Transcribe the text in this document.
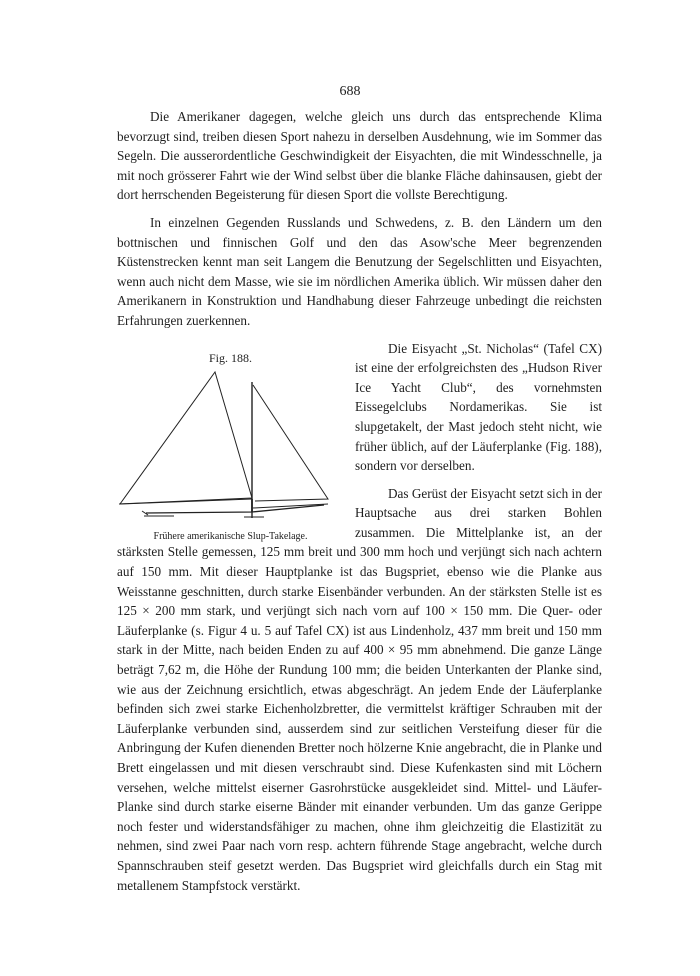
688

Die Amerikaner dagegen, welche gleich uns durch das entsprechende Klima bevorzugt sind, treiben diesen Sport nahezu in derselben Ausdehnung, wie im Sommer das Segeln. Die ausserordentliche Geschwindigkeit der Eisyachten, die mit Windesschnelle, ja mit noch grösserer Fahrt wie der Wind selbst über die blanke Fläche dahinsausen, giebt der dort herrschenden Begeisterung für diesen Sport die vollste Berechtigung.

In einzelnen Gegenden Russlands und Schwedens, z. B. den Ländern um den bottnischen und finnischen Golf und den das Asow'sche Meer begrenzenden Küstenstrecken kennt man seit Langem die Benutzung der Segelschlitten und Eisyachten, wenn auch nicht dem Masse, wie sie im nördlichen Amerika üblich. Wir müssen daher den Amerikanern in Konstruktion und Handhabung dieser Fahrzeuge unbedingt die reichsten Erfahrungen zuerkennen.

Fig. 188.
Frühere amerikanische Slup-Takelage.

Die Eisyacht „St. Nicholas“ (Tafel CX) ist eine der erfolgreichsten des „Hudson River Ice Yacht Club“, des vornehmsten Eissegelclubs Nordamerikas. Sie ist slupgetakelt, der Mast jedoch steht nicht, wie früher üblich, auf der Läuferplanke (Fig. 188), sondern vor derselben.

Das Gerüst der Eisyacht setzt sich in der Hauptsache aus drei starken Bohlen zusammen. Die Mittelplanke ist, an der stärksten Stelle gemessen, 125 mm breit und 300 mm hoch und verjüngt sich nach achtern auf 150 mm. Mit dieser Hauptplanke ist das Bugspriet, ebenso wie die Planke aus Weisstanne geschnitten, durch starke Eisenbänder verbunden. An der stärksten Stelle ist es 125 × 200 mm stark, und verjüngt sich nach vorn auf 100 × 150 mm. Die Quer- oder Läuferplanke (s. Figur 4 u. 5 auf Tafel CX) ist aus Lindenholz, 437 mm breit und 150 mm stark in der Mitte, nach beiden Enden zu auf 400 × 95 mm abnehmend. Die ganze Länge beträgt 7,62 m, die Höhe der Rundung 100 mm; die beiden Unterkanten der Planke sind, wie aus der Zeichnung ersichtlich, etwas abgeschrägt. An jedem Ende der Läuferplanke befinden sich zwei starke Eichenholzbretter, die vermittelst kräftiger Schrauben mit der Läuferplanke verbunden sind, ausserdem sind zur seitlichen Versteifung dieser für die Anbringung der Kufen dienenden Bretter noch hölzerne Knie angebracht, die in Planke und Brett eingelassen und mit diesen verschraubt sind. Diese Kufenkasten sind mit Löchern versehen, welche mittelst eiserner Gasrohrstücke ausgekleidet sind. Mittel- und Läufer-Planke sind durch starke eiserne Bänder mit einander verbunden. Um das ganze Gerippe noch fester und widerstandsfähiger zu machen, ohne ihm gleichzeitig die Elastizität zu nehmen, sind zwei Paar nach vorn resp. achtern führende Stage angebracht, welche durch Spannschrauben steif gesetzt werden. Das Bugspriet wird gleichfalls durch ein Stag mit metallenem Stampfstock verstärkt.
